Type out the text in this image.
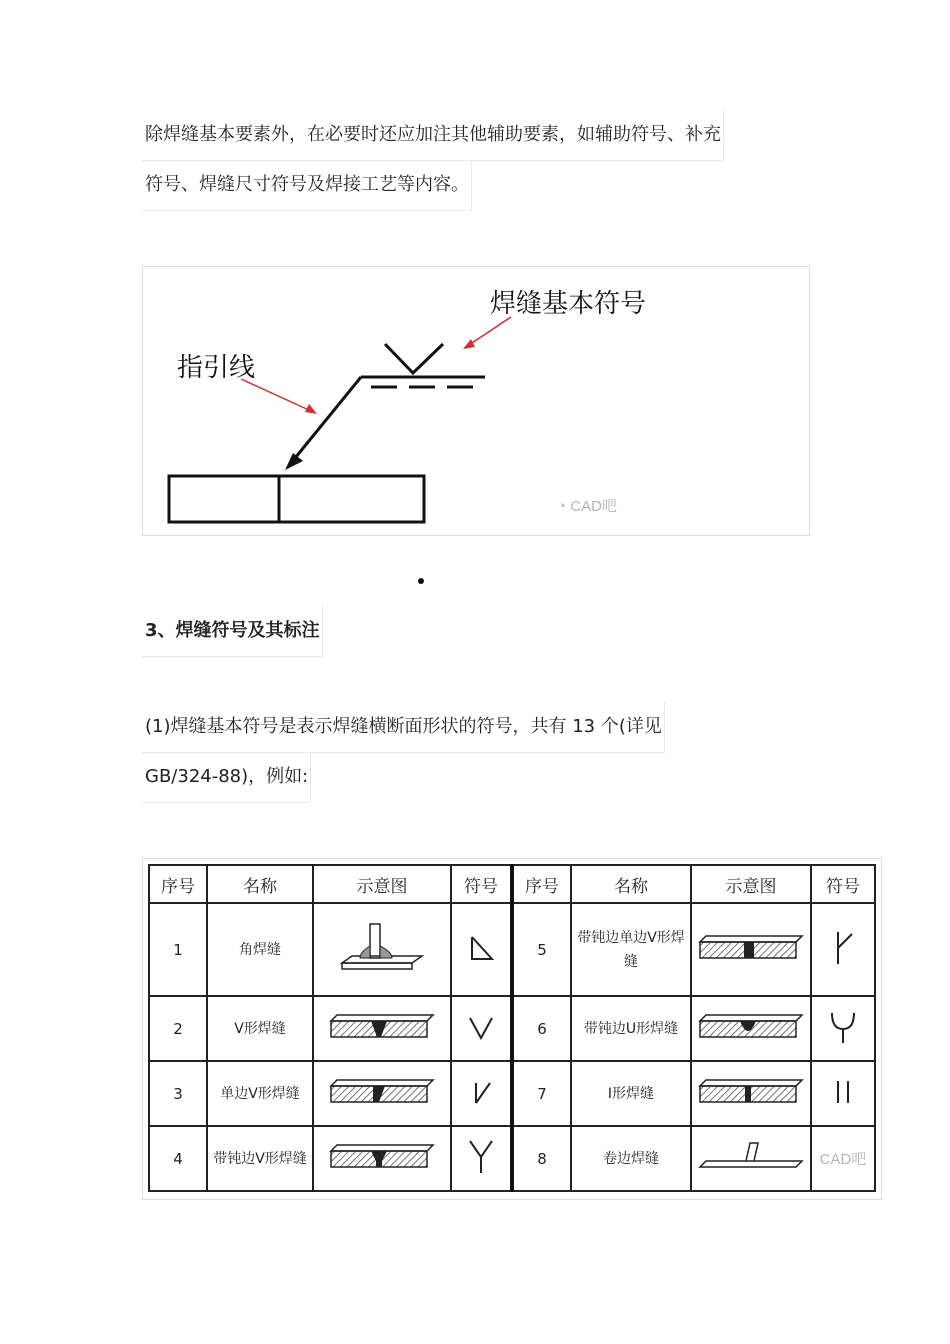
除焊缝基本要素外，在必要时还应加注其他辅助要素，如辅助符号、补充
符号、焊缝尺寸符号及焊接工艺等内容。
焊缝基本符号
指引线
◔ CAD吧
3、焊缝符号及其标注
(1)焊缝基本符号是表示焊缝横断面形状的符号，共有 13 个(详见
GB/324-88)，例如:
序号	名称	示意图	符号	序号	名称	示意图	符号
1	角焊缝			5	带钝边单边V形焊缝		
2	V形焊缝			6	带钝边U形焊缝		
3	单边V形焊缝			7	I形焊缝		
4	带钝边V形焊缝			8	卷边焊缝		CAD吧
